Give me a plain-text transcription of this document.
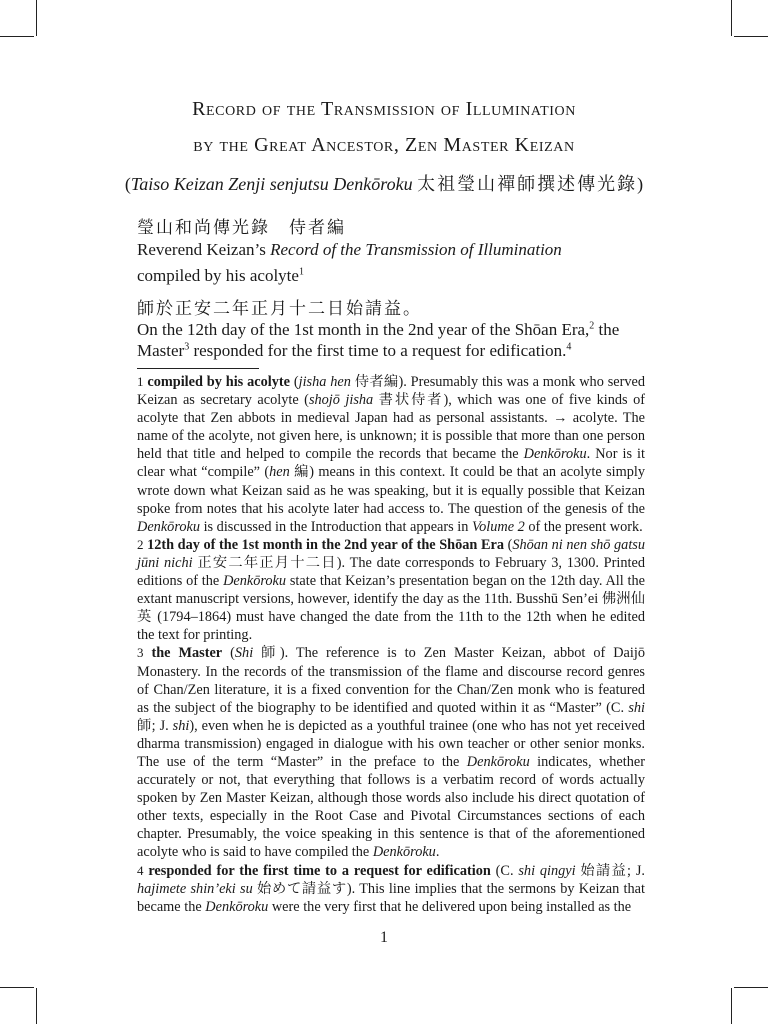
Record of the Transmission of Illumination
by the Great Ancestor, Zen Master Keizan
(Taiso Keizan Zenji senjutsu Denkōroku 太祖瑩山禪師撰述傳光錄)
瑩山和尚傳光錄　侍者編
Reverend Keizan’s Record of the Transmission of Illumination
compiled by his acolyte$^1$
師於正安二年正月十二日始請益。
On the 12th day of the 1st month in the 2nd year of the Shōan Era,$^2$ the
Master$^3$ responded for the first time to a request for edification.$^4$

1 compiled by his acolyte (jisha hen 侍者編). Presumably this was a monk who served Keizan as secretary acolyte (shojō jisha 書状侍者), which was one of five kinds of acolyte that Zen abbots in medieval Japan had as personal assistants. → acolyte. The name of the acolyte, not given here, is unknown; it is possible that more than one person held that title and helped to compile the records that became the Denkōroku. Nor is it clear what “compile” (hen 編) means in this context. It could be that an acolyte simply wrote down what Keizan said as he was speaking, but it is equally possible that Keizan spoke from notes that his acolyte later had access to. The question of the genesis of the Denkōroku is discussed in the Introduction that appears in Volume 2 of the present work.

2 12th day of the 1st month in the 2nd year of the Shōan Era (Shōan ni nen shō gatsu jūni nichi 正安二年正月十二日). The date corresponds to February 3, 1300. Printed editions of the Denkōroku state that Keizan’s presentation began on the 12th day. All the extant manuscript versions, however, identify the day as the 11th. Busshū Sen’ei 佛洲仙英 (1794–1864) must have changed the date from the 11th to the 12th when he edited the text for printing.

3 the Master (Shi 師). The reference is to Zen Master Keizan, abbot of Daijō Monastery. In the records of the transmission of the flame and discourse record genres of Chan/Zen literature, it is a fixed convention for the Chan/Zen monk who is featured as the subject of the biography to be identified and quoted within it as “Master” (C. shi 師; J. shi), even when he is depicted as a youthful trainee (one who has not yet received dharma transmission) engaged in dialogue with his own teacher or other senior monks. The use of the term “Master” in the preface to the Denkōroku indicates, whether accurately or not, that everything that follows is a verbatim record of words actually spoken by Zen Master Keizan, although those words also include his direct quotation of other texts, especially in the Root Case and Pivotal Circumstances sections of each chapter. Presumably, the voice speaking in this sentence is that of the aforementioned acolyte who is said to have compiled the Denkōroku.

4 responded for the first time to a request for edification (C. shi qingyi 始請益; J. hajimete shin’eki su 始めて請益す). This line implies that the sermons by Keizan that became the Denkōroku were the very first that he delivered upon being installed as the

1
